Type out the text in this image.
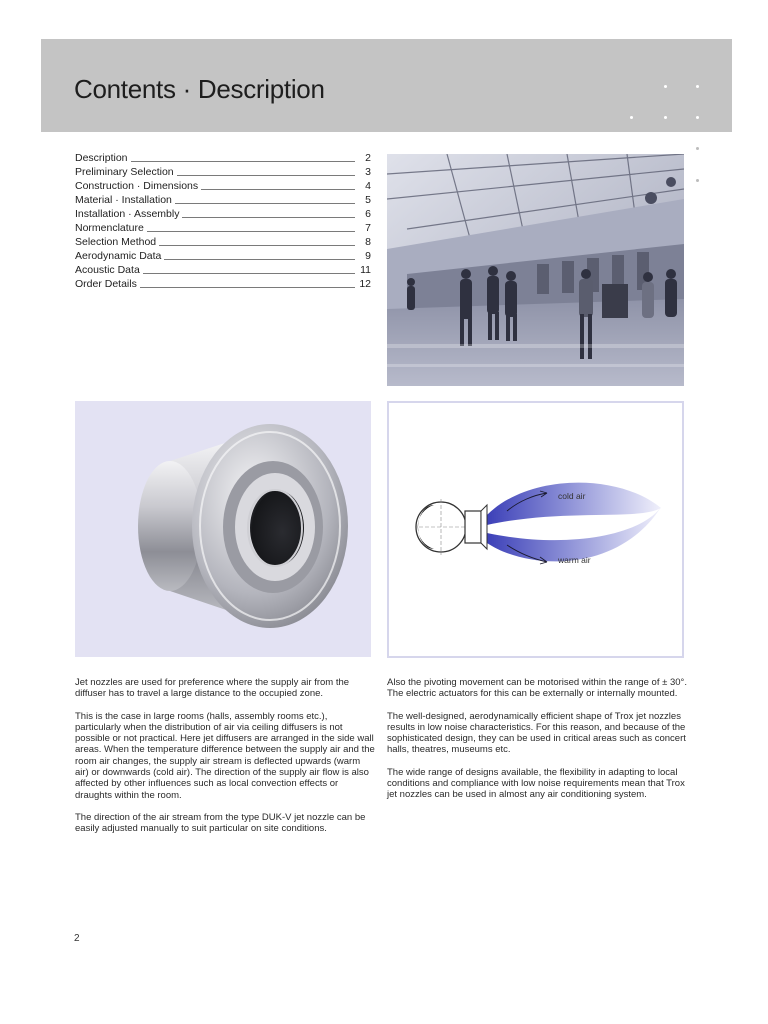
Contents · Description
Description	2
Preliminary Selection	3
Construction · Dimensions	4
Material · Installation	5
Installation · Assembly	6
Normenclature	7
Selection Method	8
Aerodynamic Data	9
Acoustic Data	11
Order Details	12
cold air
warm air

Jet nozzles are used for preference where the supply air from the diffuser has to travel a large distance to the occupied zone.

This is the case in large rooms (halls, assembly rooms etc.), particularly when the distribution of air via ceiling diffusers is not possible or not practical. Here jet diffusers are arranged in the side wall areas. When the temperature difference between the supply air and the room air changes, the supply air stream is deflected upwards (warm air) or downwards (cold air). The direction of the supply air flow is also affected by other influences such as local convection effects or draughts within the room.

The direction of the air stream from the type DUK-V jet nozzle can be easily adjusted manually to suit particular on site conditions.

Also the pivoting movement can be motorised within the range of ± 30°. The electric actuators for this can be externally or internally mounted.

The well-designed, aerodynamically efficient shape of Trox jet nozzles results in low noise characteristics. For this reason, and because of the sophisticated design, they can be used in critical areas such as concert halls, theatres, museums etc.

The wide range of designs available, the flexibility in adapting to local conditions and compliance with low noise requirements mean that Trox jet nozzles can be used in almost any air conditioning system.

2
